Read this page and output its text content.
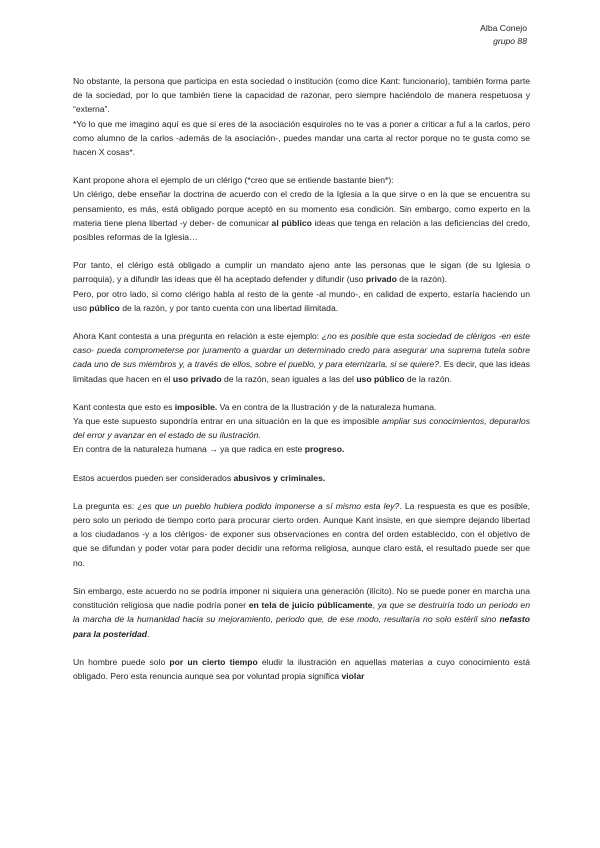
Alba Conejo
grupo 88

No obstante, la persona que participa en esta sociedad o institución (como dice Kant: funcionario), también forma parte de la sociedad, por lo que también tiene la capacidad de razonar, pero siempre haciéndolo de manera respetuosa y “externa”.

*Yo lo que me imagino aquí es que si eres de la asociación esquiroles no te vas a poner a criticar a ful a la carlos, pero como alumno de la carlos -además de la asociación-, puedes mandar una carta al rector porque no te gusta como se hacen X cosas*.

Kant propone ahora el ejemplo de un clérigo (*creo que se entiende bastante bien*):
Un clérigo, debe enseñar la doctrina de acuerdo con el credo de la Iglesia a la que sirve o en la que se encuentra su pensamiento, es más, está obligado porque aceptó en su momento esa condición. Sin embargo, como experto en la materia tiene plena libertad -y deber- de comunicar al público ideas que tenga en relación a las deficiencias del credo, posibles reformas de la Iglesia…

Por tanto, el clérigo está obligado a cumplir un mandato ajeno ante las personas que le sigan (de su Iglesia o parroquia), y a difundir las ideas que él ha aceptado defender y difundir (uso privado de la razón).
Pero, por otro lado, si como clérigo habla al resto de la gente -al mundo-, en calidad de experto, estaría haciendo un uso público de la razón, y por tanto cuenta con una libertad ilimitada.

Ahora Kant contesta a una pregunta en relación a este ejemplo: ¿no es posible que esta sociedad de clérigos -en este caso- pueda comprometerse por juramento a guardar un determinado credo para asegurar una suprema tutela sobre cada uno de sus miembros y, a través de ellos, sobre el pueblo, y para eternizarla, si se quiere?. Es decir, que las ideas limitadas que hacen en el uso privado de la razón, sean iguales a las del uso público de la razón.

Kant contesta que esto es imposible. Va en contra de la Ilustración y de la naturaleza humana.
Ya que este supuesto supondría entrar en una situación en la que es imposible ampliar sus conocimientos, depurarlos del error y avanzar en el estado de su ilustración.
En contra de la naturaleza humana → ya que radica en este progreso.

Estos acuerdos pueden ser considerados abusivos y criminales.

La pregunta es: ¿es que un pueblo hubiera podido imponerse a sí mismo esta ley?. La respuesta es que es posible, pero solo un periodo de tiempo corto para procurar cierto orden. Aunque Kant insiste, en que siempre dejando libertad a los ciudadanos -y a los clérigos- de exponer sus observaciones en contra del orden establecido, con el objetivo de que se difundan y poder votar para poder decidir una reforma religiosa, aunque claro está, el resultado puede ser que no.

Sin embargo, este acuerdo no se podría imponer ni siquiera una generación (ilícito). No se puede poner en marcha una constitución religiosa que nadie podría poner en tela de juicio públicamente, ya que se destruiría todo un periodo en la marcha de la humanidad hacia su mejoramiento, periodo que, de ese modo, resultaría no solo estéril sino nefasto para la posteridad.

Un hombre puede solo por un cierto tiempo eludir la ilustración en aquellas materias a cuyo conocimiento está obligado. Pero esta renuncia aunque sea por voluntad propia significa violar
